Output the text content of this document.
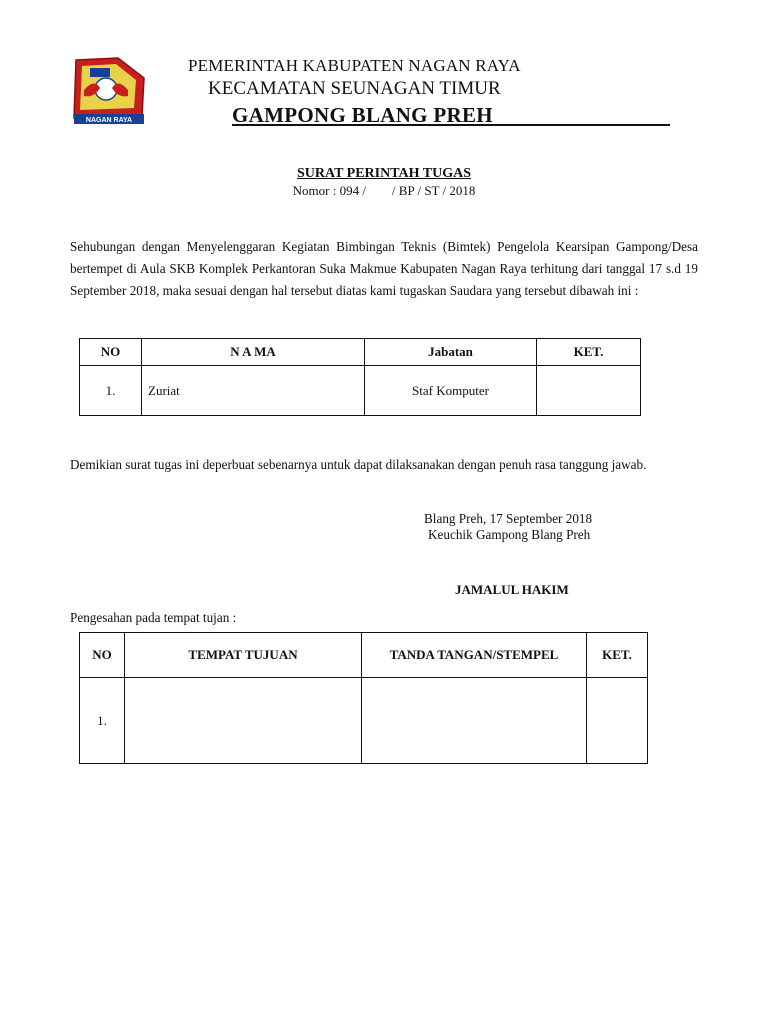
NAGAN RAYA
PEMERINTAH KABUPATEN NAGAN RAYA
KECAMATAN SEUNAGAN TIMUR
GAMPONG BLANG PREH
SURAT PERINTAH TUGAS
Nomor : 094 /        / BP / ST / 2018
Sehubungan dengan Menyelenggaran Kegiatan Bimbingan Teknis (Bimtek) Pengelola Kearsipan Gampong/Desa bertempet di Aula SKB Komplek Perkantoran Suka Makmue Kabupaten Nagan Raya terhitung dari tanggal 17 s.d 19 September 2018, maka sesuai dengan hal tersebut diatas kami tugaskan Saudara yang tersebut dibawah ini :
NO	N A MA	Jabatan	KET.
1.	Zuriat	Staf Komputer	
Demikian surat tugas ini deperbuat sebenarnya untuk dapat dilaksanakan dengan penuh rasa tanggung jawab.
Blang Preh, 17 September 2018
Keuchik Gampong Blang Preh
JAMALUL HAKIM
Pengesahan pada tempat tujan :
NO	TEMPAT TUJUAN	TANDA TANGAN/STEMPEL	KET.
1.			
